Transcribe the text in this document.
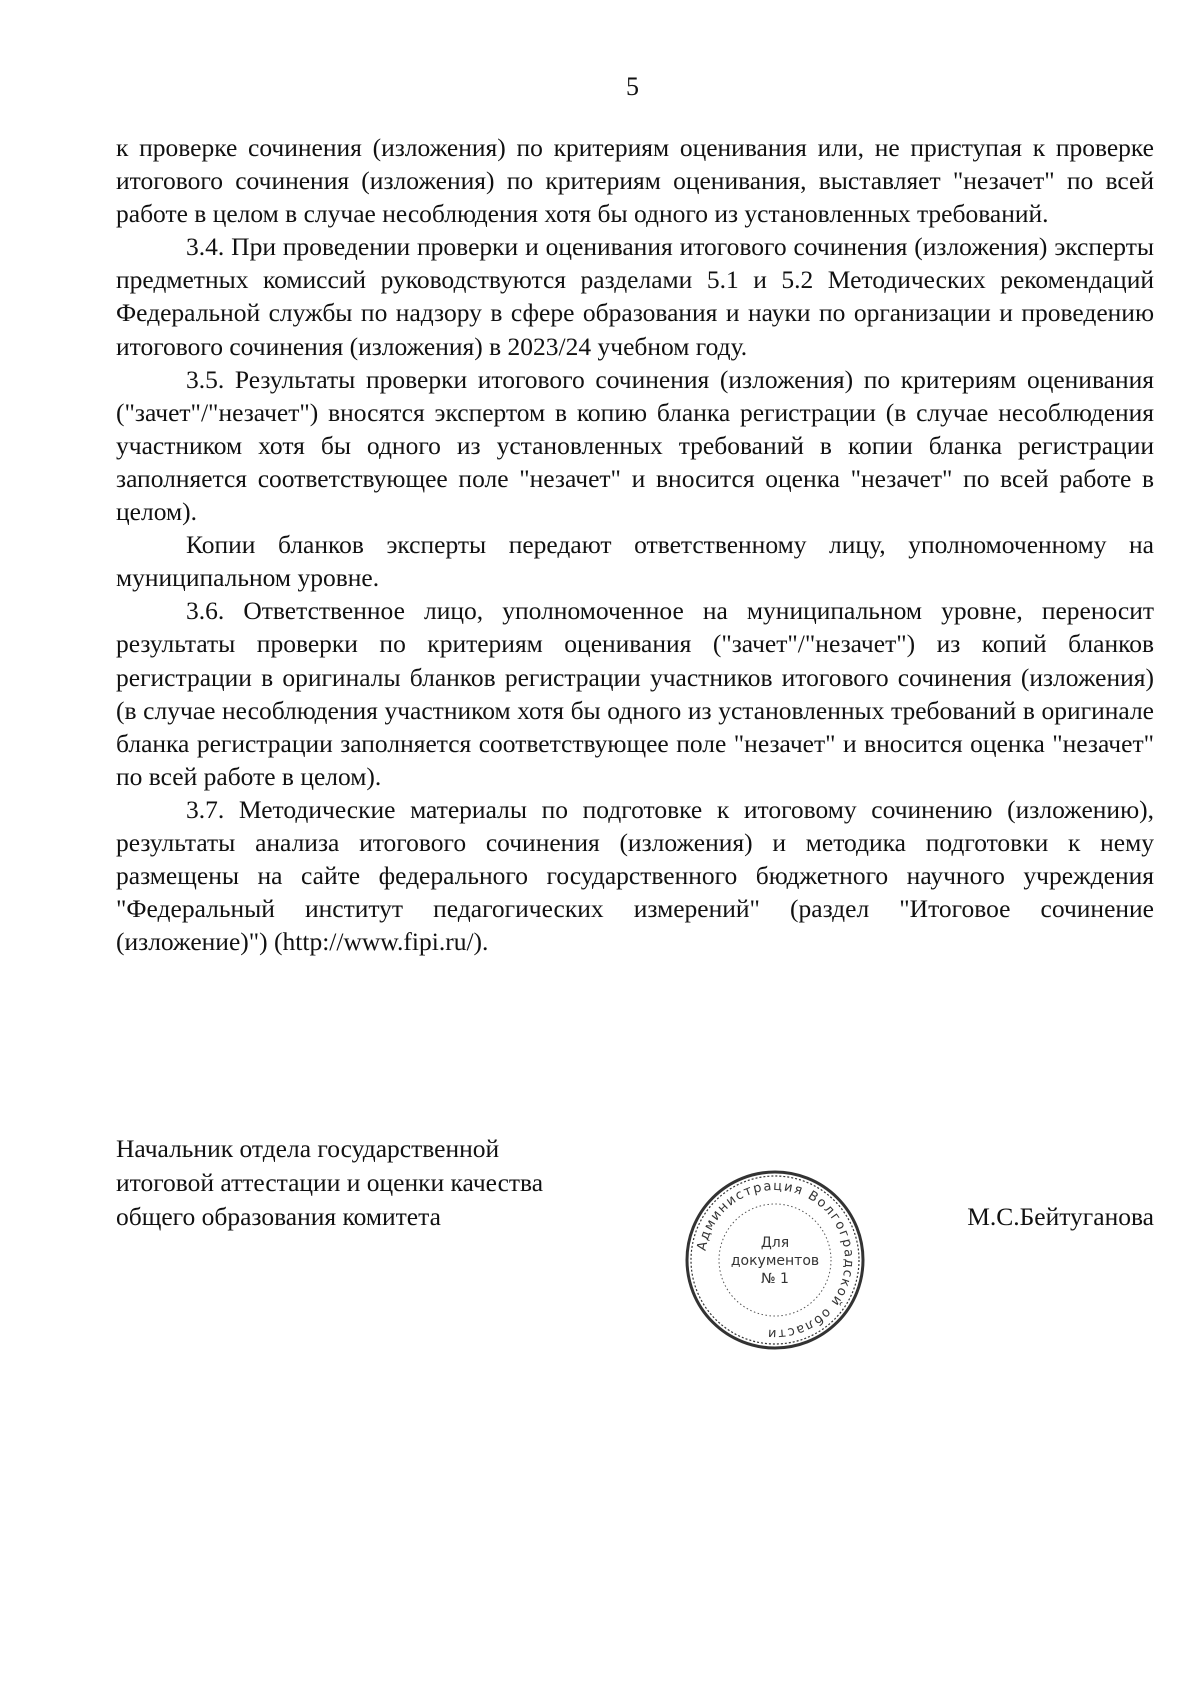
5

к проверке сочинения (изложения) по критериям оценивания или, не приступая к проверке итогового сочинения (изложения) по критериям оценивания, выставляет "незачет" по всей работе в целом в случае несоблюдения хотя бы одного из установленных требований.

3.4. При проведении проверки и оценивания итогового сочинения (изложения) эксперты предметных комиссий руководствуются разделами 5.1 и 5.2 Методических рекомендаций Федеральной службы по надзору в сфере образования и науки по организации и проведению итогового сочинения (изложения) в 2023/24 учебном году.

3.5. Результаты проверки итогового сочинения (изложения) по критериям оценивания ("зачет"/"незачет") вносятся экспертом в копию бланка регистрации (в случае несоблюдения участником хотя бы одного из установленных требований в копии бланка регистрации заполняется соответствующее поле "незачет" и вносится оценка "незачет" по всей работе в целом).

Копии бланков эксперты передают ответственному лицу, уполномоченному на муниципальном уровне.

3.6. Ответственное лицо, уполномоченное на муниципальном уровне, переносит результаты проверки по критериям оценивания ("зачет"/"незачет") из копий бланков регистрации в оригиналы бланков регистрации участников итогового сочинения (изложения) (в случае несоблюдения участником хотя бы одного из установленных требований в оригинале бланка регистрации заполняется соответствующее поле "незачет" и вносится оценка "незачет" по всей работе в целом).

3.7. Методические материалы по подготовке к итоговому сочинению (изложению), результаты анализа итогового сочинения (изложения) и методика подготовки к нему размещены на сайте федерального государственного бюджетного научного учреждения "Федеральный институт педагогических измерений" (раздел "Итоговое сочинение (изложение)") (http://www.fipi.ru/).

Начальник отдела государственной
итоговой аттестации и оценки качества
общего образования комитета
Администрация Волгоградской области
Для
документов
№ 1
М.С.Бейтуганова
